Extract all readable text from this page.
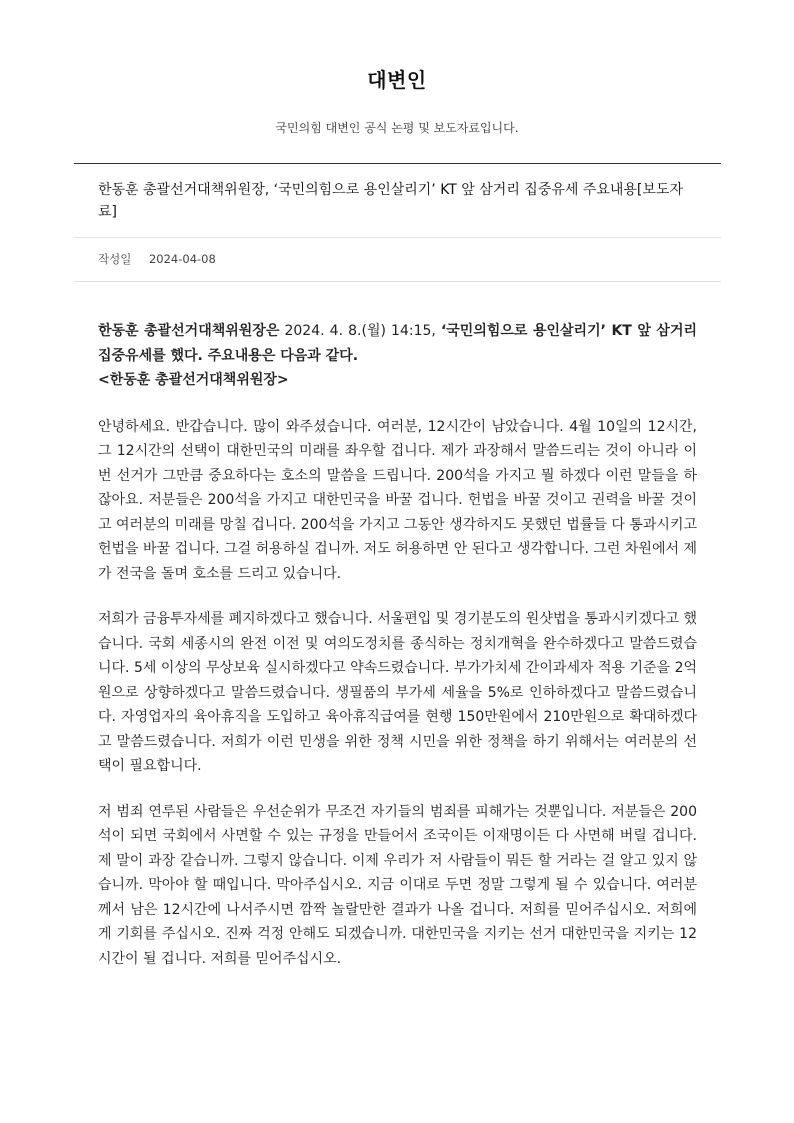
대변인
국민의힘 대변인 공식 논평 및 보도자료입니다.
한동훈 총괄선거대책위원장, ‘국민의힘으로 용인살리기’ KT 앞 삼거리 집중유세 주요내용[보도자료]
작성일 2024-04-08

한동훈 총괄선거대책위원장은 2024. 4. 8.(월) 14:15, ‘국민의힘으로 용인살리기’ KT 앞 삼거리 집중유세를 했다. 주요내용은 다음과 같다.
<한동훈 총괄선거대책위원장>

안녕하세요. 반갑습니다. 많이 와주셨습니다. 여러분, 12시간이 남았습니다. 4월 10일의 12시간, 그 12시간의 선택이 대한민국의 미래를 좌우할 겁니다. 제가 과장해서 말씀드리는 것이 아니라 이번 선거가 그만큼 중요하다는 호소의 말씀을 드립니다. 200석을 가지고 뭘 하겠다 이런 말들을 하잖아요. 저분들은 200석을 가지고 대한민국을 바꿀 겁니다. 헌법을 바꿀 것이고 권력을 바꿀 것이고 여러분의 미래를 망칠 겁니다. 200석을 가지고 그동안 생각하지도 못했던 법률들 다 통과시키고 헌법을 바꿀 겁니다. 그걸 허용하실 겁니까. 저도 허용하면 안 된다고 생각합니다. 그런 차원에서 제가 전국을 돌며 호소를 드리고 있습니다.

저희가 금융투자세를 폐지하겠다고 했습니다. 서울편입 및 경기분도의 원샷법을 통과시키겠다고 했습니다. 국회 세종시의 완전 이전 및 여의도정치를 종식하는 정치개혁을 완수하겠다고 말씀드렸습니다. 5세 이상의 무상보육 실시하겠다고 약속드렸습니다. 부가가치세 간이과세자 적용 기준을 2억 원으로 상향하겠다고 말씀드렸습니다. 생필품의 부가세 세율을 5%로 인하하겠다고 말씀드렸습니다. 자영업자의 육아휴직을 도입하고 육아휴직급여를 현행 150만원에서 210만원으로 확대하겠다고 말씀드렸습니다. 저희가 이런 민생을 위한 정책 시민을 위한 정책을 하기 위해서는 여러분의 선택이 필요합니다.

저 범죄 연루된 사람들은 우선순위가 무조건 자기들의 범죄를 피해가는 것뿐입니다. 저분들은 200석이 되면 국회에서 사면할 수 있는 규정을 만들어서 조국이든 이재명이든 다 사면해 버릴 겁니다. 제 말이 과장 같습니까. 그렇지 않습니다. 이제 우리가 저 사람들이 뭐든 할 거라는 걸 알고 있지 않습니까. 막아야 할 때입니다. 막아주십시오. 지금 이대로 두면 정말 그렇게 될 수 있습니다. 여러분께서 남은 12시간에 나서주시면 깜짝 놀랄만한 결과가 나올 겁니다. 저희를 믿어주십시오. 저희에게 기회를 주십시오. 진짜 걱정 안해도 되겠습니까. 대한민국을 지키는 선거 대한민국을 지키는 12시간이 될 겁니다. 저희를 믿어주십시오.
